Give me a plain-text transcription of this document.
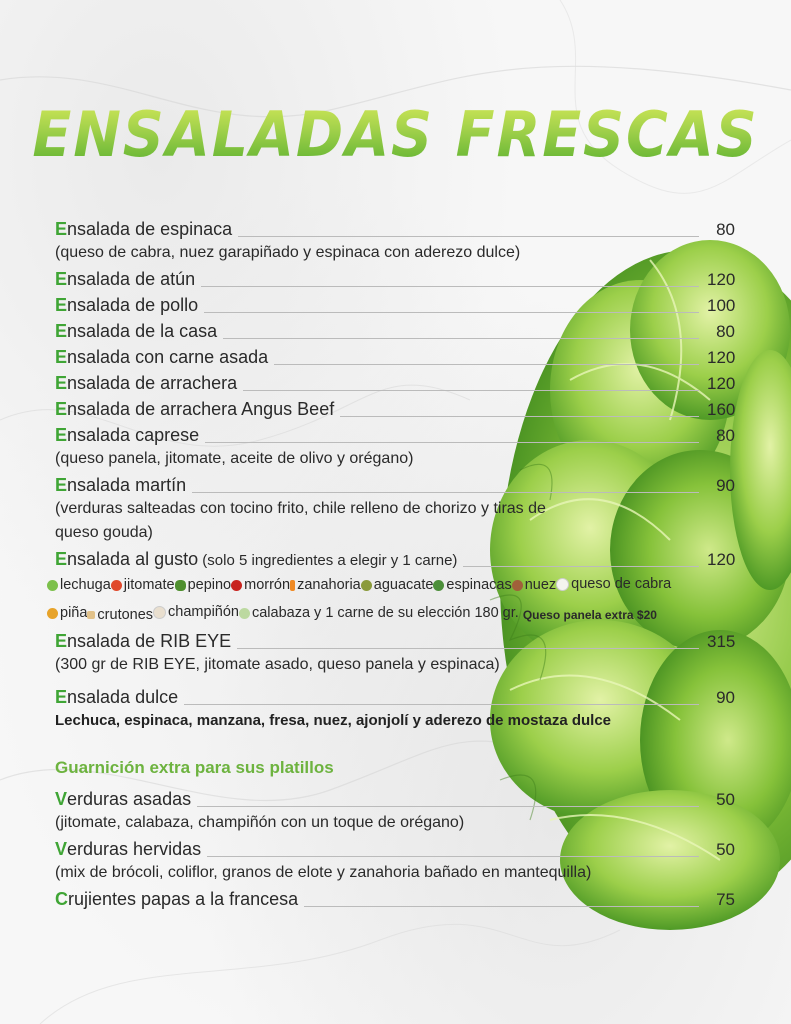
ENSALADAS FRESCAS
Ensalada de espinaca	80
(queso de cabra, nuez garapiñado y espinaca con aderezo dulce)
Ensalada de atún	120
Ensalada de pollo	100
Ensalada de la casa	80
Ensalada con carne asada	120
Ensalada de arrachera	120
Ensalada de arrachera Angus Beef	160
Ensalada caprese	80
(queso panela, jitomate, aceite de olivo y orégano)
Ensalada martín	90
(verduras salteadas con tocino frito, chile relleno de chorizo y tiras de
queso gouda)
Ensalada al gusto (solo 5 ingredientes a elegir y 1 carne)	120
lechuga jitomate pepino morrón zanahoria aguacate espinacas nuez queso de cabra
piña crutones champiñón calabaza y 1 carne de su elección 180 gr. Queso panela extra $20
Ensalada de RIB EYE	315
(300 gr de RIB EYE, jitomate asado, queso panela y espinaca)
Ensalada dulce	90
Lechuca, espinaca, manzana, fresa, nuez, ajonjolí y aderezo de mostaza dulce
Guarnición extra para sus platillos
Verduras asadas	50
(jitomate, calabaza, champiñón con un toque de orégano)
Verduras hervidas	50
(mix de brócoli, coliflor, granos de elote y zanahoria bañado en mantequilla)
Crujientes papas a la francesa	75
